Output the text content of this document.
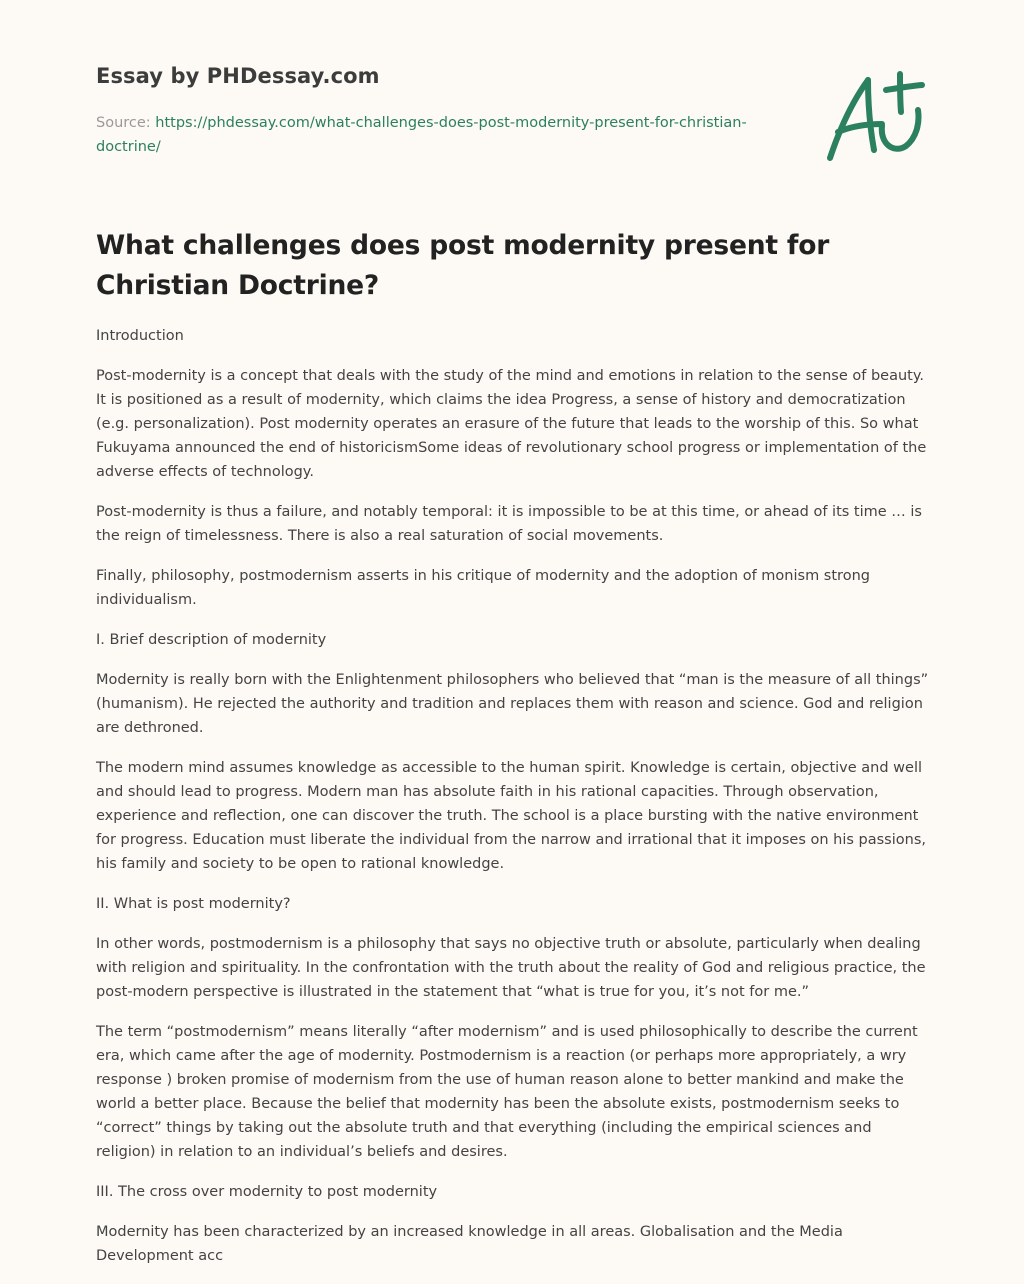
Essay by PHDessay.com
Source: https://phdessay.com/what-challenges-does-post-modernity-present-for-christian-doctrine/
What challenges does post modernity present for Christian Doctrine?

Introduction

Post-modernity is a concept that deals with the study of the mind and emotions in relation to the sense of beauty. It is positioned as a result of modernity, which claims the idea Progress, a sense of history and democratization (e.g. personalization). Post modernity operates an erasure of the future that leads to the worship of this. So what Fukuyama announced the end of historicismSome ideas of revolutionary school progress or implementation of the adverse effects of technology.

Post-modernity is thus a failure, and notably temporal: it is impossible to be at this time, or ahead of its time … is the reign of timelessness. There is also a real saturation of social movements.

Finally, philosophy, postmodernism asserts in his critique of modernity and the adoption of monism strong individualism.

I. Brief description of modernity

Modernity is really born with the Enlightenment philosophers who believed that “man is the measure of all things” (humanism). He rejected the authority and tradition and replaces them with reason and science. God and religion are dethroned.

The modern mind assumes knowledge as accessible to the human spirit. Knowledge is certain, objective and well and should lead to progress. Modern man has absolute faith in his rational capacities. Through observation, experience and reflection, one can discover the truth. The school is a place bursting with the native environment for progress. Education must liberate the individual from the narrow and irrational that it imposes on his passions, his family and society to be open to rational knowledge.

II. What is post modernity?

In other words, postmodernism is a philosophy that says no objective truth or absolute, particularly when dealing with religion and spirituality. In the confrontation with the truth about the reality of God and religious practice, the post-modern perspective is illustrated in the statement that “what is true for you, it’s not for me.”

The term “postmodernism” means literally “after modernism” and is used philosophically to describe the current era, which came after the age of modernity. Postmodernism is a reaction (or perhaps more appropriately, a wry response ) broken promise of modernism from the use of human reason alone to better mankind and make the world a better place. Because the belief that modernity has been the absolute exists, postmodernism seeks to “correct” things by taking out the absolute truth and that everything (including the empirical sciences and religion) in relation to an individual’s beliefs and desires.

III. The cross over modernity to post modernity

Modernity has been characterized by an increased knowledge in all areas. Globalisation and the Media Development acc
